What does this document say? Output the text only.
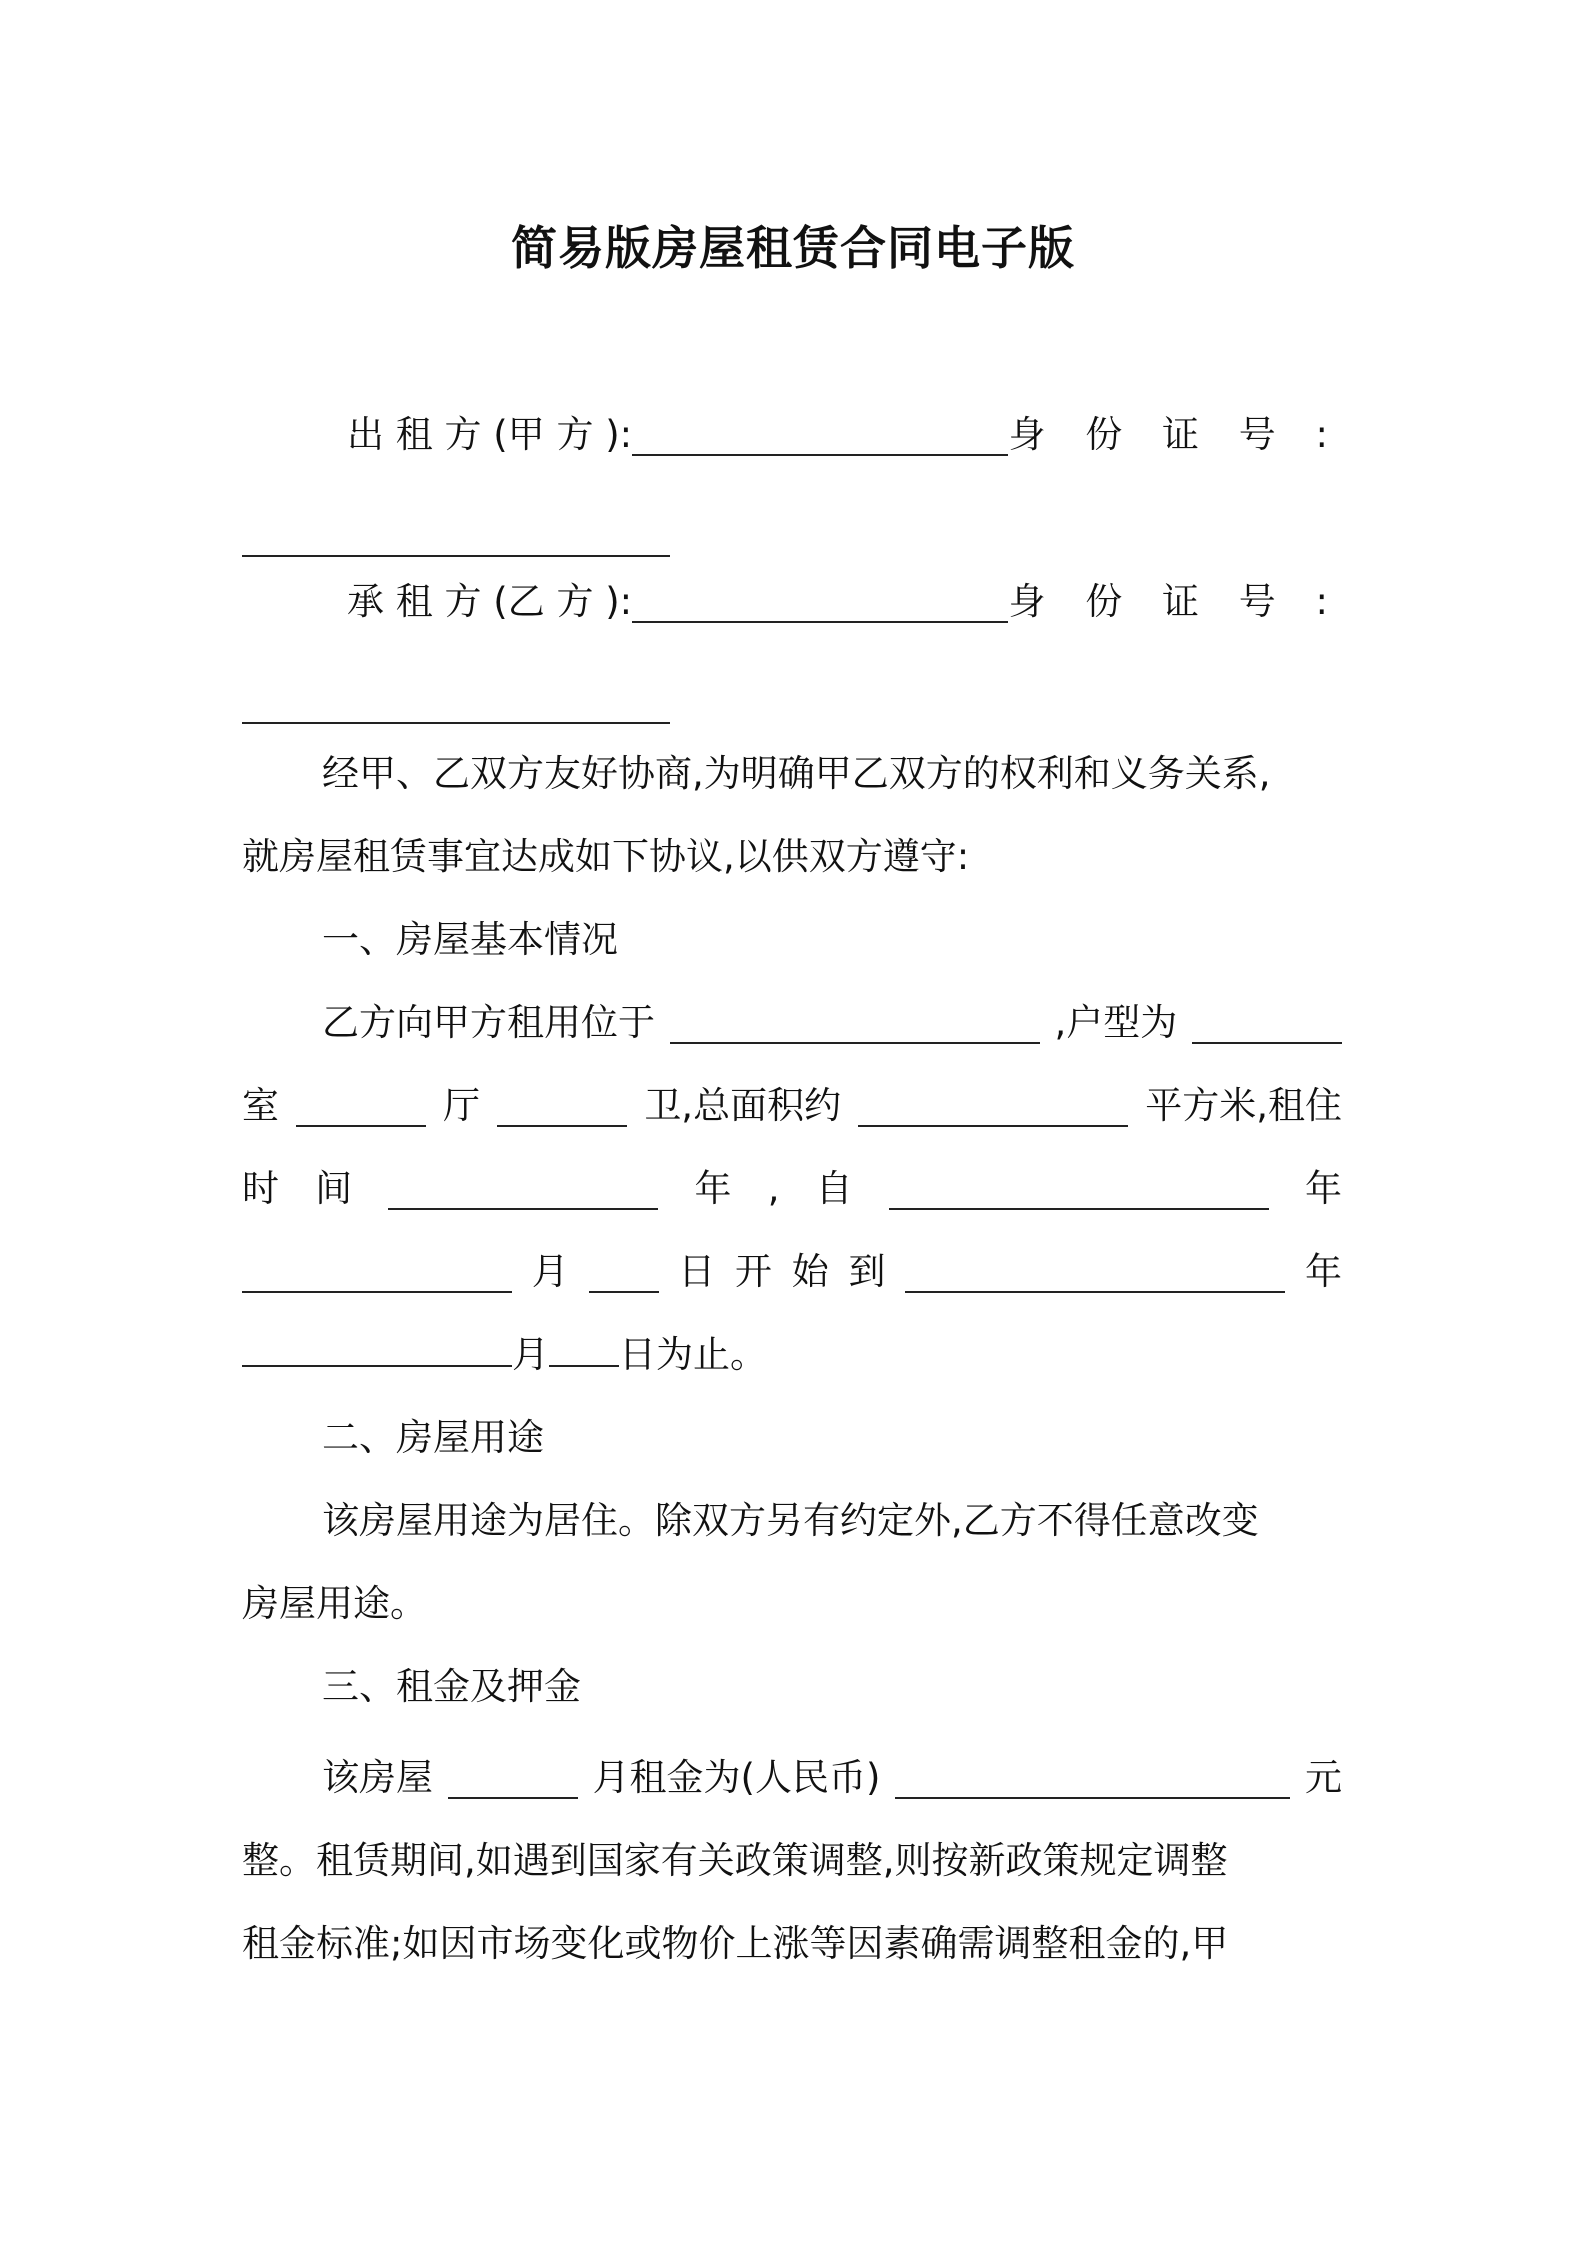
简易版房屋租赁合同电子版
出 租 方 (甲 方 ):	身 份 证 号 :
承 租 方 (乙 方 ):	身 份 证 号 :
经甲、乙双方友好协商,为明确甲乙双方的权利和义务关系,
就房屋租赁事宜达成如下协议,以供双方遵守:
一、房屋基本情况
乙方向甲方租用位于	,户型为
室	厅	卫,总面积约	平方米,租住
时 间	年 , 自	年
月	日 开 始 到	年
月 日为止。
二、房屋用途
该房屋用途为居住。除双方另有约定外,乙方不得任意改变
房屋用途。
三、租金及押金
该房屋	月租金为(人民币)	元
整。租赁期间,如遇到国家有关政策调整,则按新政策规定调整
租金标准;如因市场变化或物价上涨等因素确需调整租金的,甲
